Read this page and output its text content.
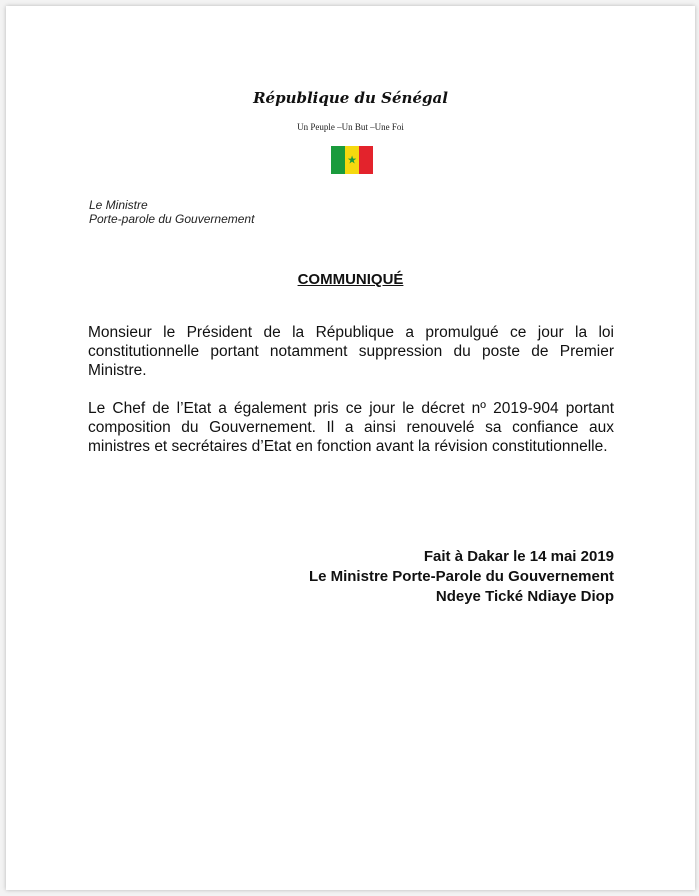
République du Sénégal
Un Peuple –Un But –Une Foi
★
Le Ministre
Porte-parole du Gouvernement
COMMUNIQUÉ
Monsieur le Président de la République a promulgué ce jour la loi constitutionnelle portant notamment suppression du poste de Premier Ministre.
Le Chef de l’Etat a également pris ce jour le décret nº 2019-904 portant composition du Gouvernement. Il a ainsi renouvelé sa confiance aux ministres et secrétaires d’Etat en fonction avant la révision constitutionnelle.
Fait à Dakar le 14 mai 2019
Le Ministre Porte-Parole du Gouvernement
Ndeye Tické Ndiaye Diop
